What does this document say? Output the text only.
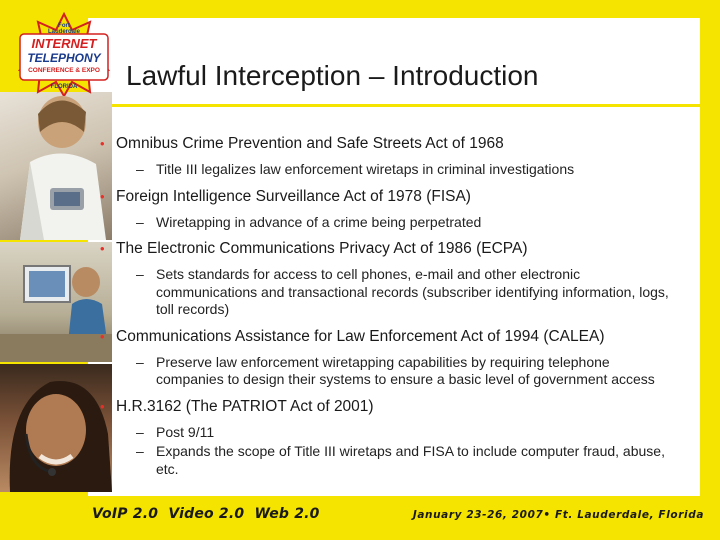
Fort
Lauderdale
INTERNET
TELEPHONY
CONFERENCE & EXPO
FLORIDA Lawful Interception – Introduction
• Omnibus Crime Prevention and Safe Streets Act of 1968
– Title III legalizes law enforcement wiretaps in criminal investigations
• Foreign Intelligence Surveillance Act of 1978 (FISA)
– Wiretapping in advance of a crime being perpetrated
• The Electronic Communications Privacy Act of 1986 (ECPA)
– Sets standards for access to cell phones, e-mail and other electronic communications and transactional records (subscriber identifying information, logs, toll records)
• Communications Assistance for Law Enforcement Act of 1994 (CALEA)
– Preserve law enforcement wiretapping capabilities by requiring telephone companies to design their systems to ensure a basic level of government access
• H.R.3162 (The PATRIOT Act of 2001)
– Post 9/11
– Expands the scope of Title III wiretaps and FISA to include computer fraud, abuse, etc.
VoIP 2.0  Video 2.0  Web 2.0	January 23-26, 2007• Ft. Lauderdale, Florida
